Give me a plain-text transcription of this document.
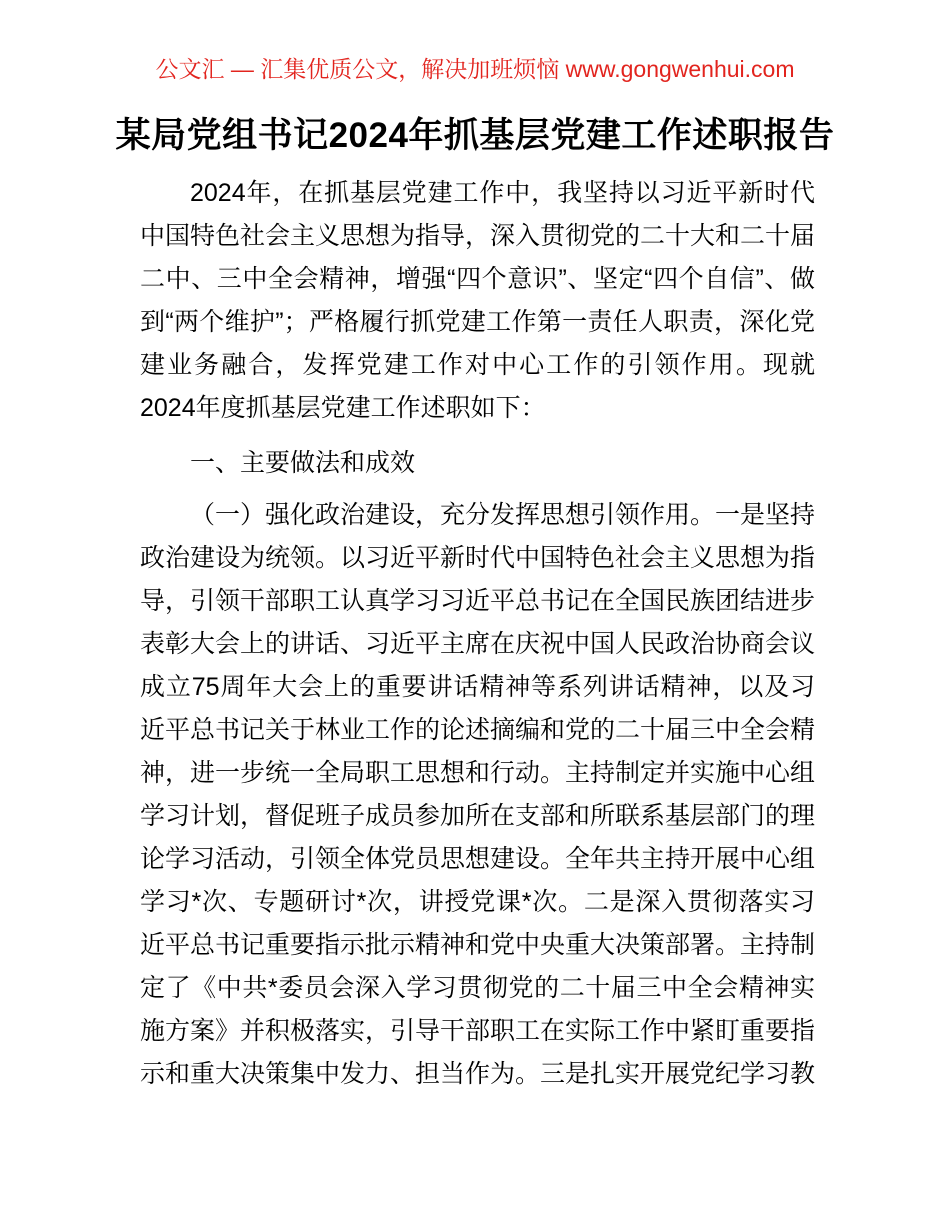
公文汇 — 汇集优质公文，解决加班烦恼 www.gongwenhui.com
某局党组书记2024年抓基层党建工作述职报告

2024年，在抓基层党建工作中，我坚持以习近平新时代中国特色社会主义思想为指导，深入贯彻党的二十大和二十届二中、三中全会精神，增强“四个意识”、坚定“四个自信”、做到“两个维护”；严格履行抓党建工作第一责任人职责，深化党建业务融合，发挥党建工作对中心工作的引领作用。现就2024年度抓基层党建工作述职如下：

一、主要做法和成效

（一）强化政治建设，充分发挥思想引领作用。一是坚持政治建设为统领。以习近平新时代中国特色社会主义思想为指导，引领干部职工认真学习习近平总书记在全国民族团结进步表彰大会上的讲话、习近平主席在庆祝中国人民政治协商会议成立75周年大会上的重要讲话精神等系列讲话精神，以及习近平总书记关于林业工作的论述摘编和党的二十届三中全会精神，进一步统一全局职工思想和行动。主持制定并实施中心组学习计划，督促班子成员参加所在支部和所联系基层部门的理论学习活动，引领全体党员思想建设。全年共主持开展中心组学习*次、专题研讨*次，讲授党课*次。二是深入贯彻落实习近平总书记重要指示批示精神和党中央重大决策部署。主持制定了《中共*委员会深入学习贯彻党的二十届三中全会精神实施方案》并积极落实，引导干部职工在实际工作中紧盯重要指示和重大决策集中发力、担当作为。三是扎实开展党纪学习教
